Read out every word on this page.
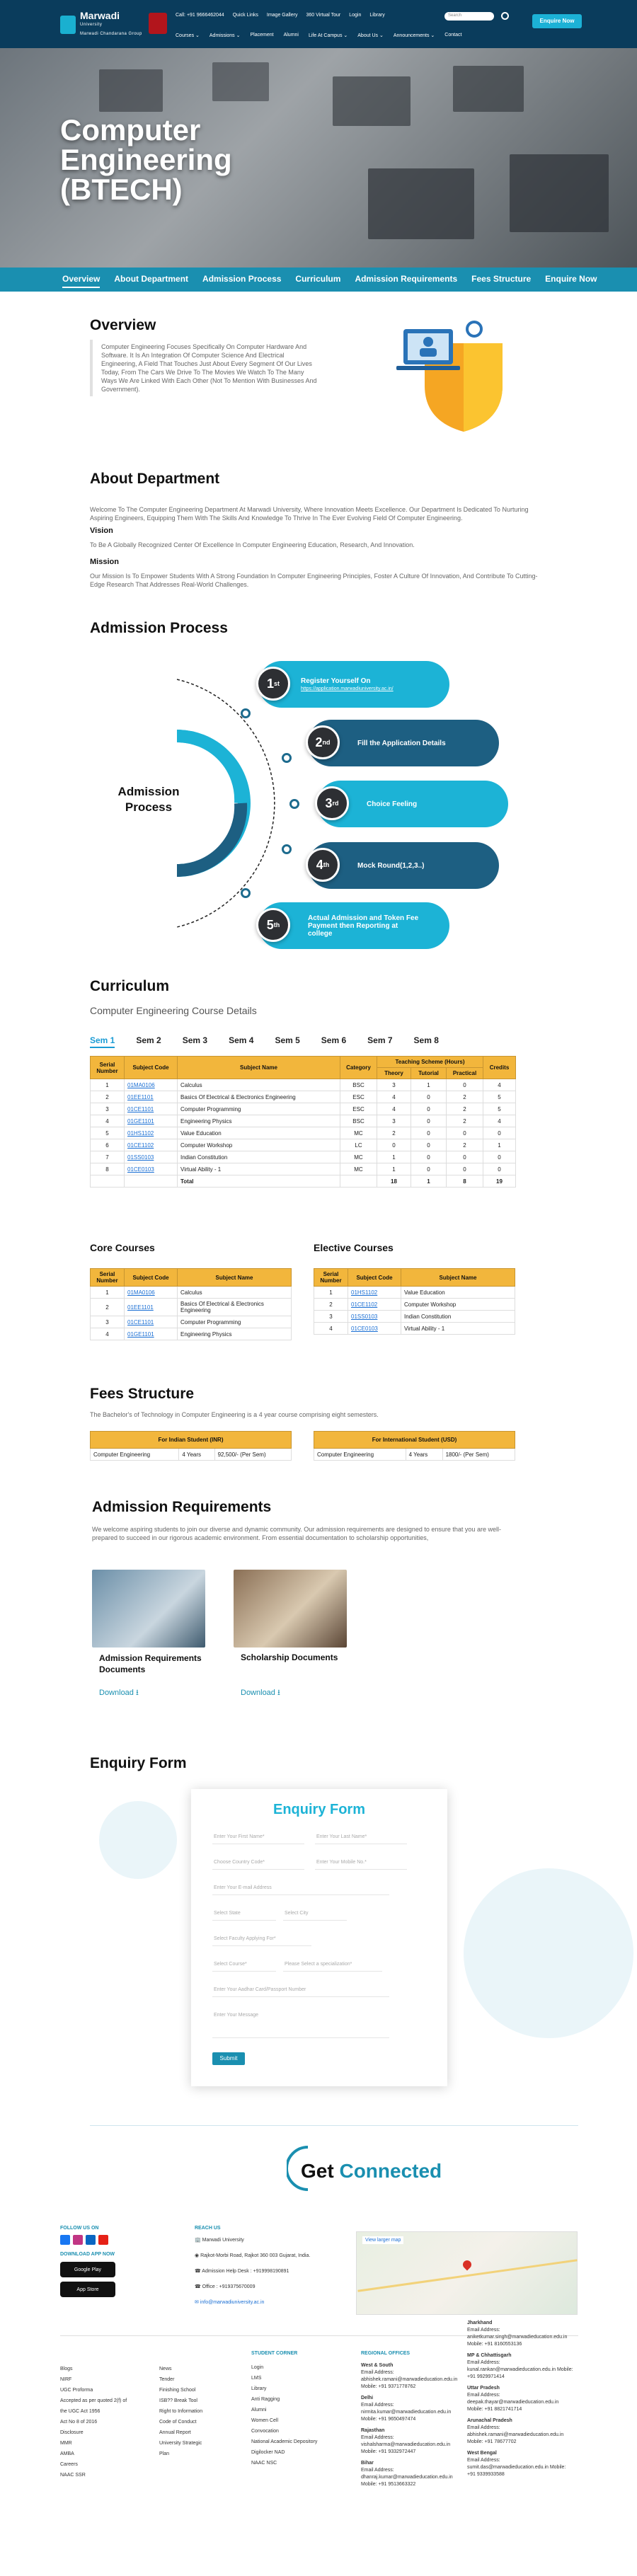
Marwadi
University
Marwadi Chandarana Group
Call: +91 9666462044 Quick Links Image Gallery 360 Virtual Tour Login Library	Search
Courses ⌄ Admissions ⌄ Placement Alumni Life At Campus ⌄ About Us ⌄ Announcements ⌄ Contact
Enquire Now
Computer Engineering (BTECH)
Overview About Department Admission Process Curriculum Admission Requirements Fees Structure Enquire Now
Overview
Computer Engineering Focuses Specifically On Computer Hardware And Software. It Is An Integration Of Computer Science And Electrical Engineering, A Field That Touches Just About Every Segment Of Our Lives Today, From The Cars We Drive To The Movies We Watch To The Many Ways We Are Linked With Each Other (Not To Mention With Businesses And Government).
About Department
Welcome To The Computer Engineering Department At Marwadi University, Where Innovation Meets Excellence. Our Department Is Dedicated To Nurturing Aspiring Engineers, Equipping Them With The Skills And Knowledge To Thrive In The Ever Evolving Field Of Computer Engineering.
Vision
To Be A Globally Recognized Center Of Excellence In Computer Engineering Education, Research, And Innovation.
Mission
Our Mission Is To Empower Students With A Strong Foundation In Computer Engineering Principles, Foster A Culture Of Innovation, And Contribute To Cutting-Edge Research That Addresses Real-World Challenges.
Admission Process
Admission Process
Register Yourself On
https://application.marwadiuniversity.ac.in/
1 st
Fill the Application Details
2 nd
Choice Feeling
3 rd
Mock Round(1,2,3..)
4 th
Actual Admission and Token Fee Payment then Reporting at college
5 th
Curriculum
Computer Engineering Course Details
Sem 1	Sem 2	Sem 3	Sem 4	Sem 5	Sem 6	Sem 7	Sem 8
Serial Number	Subject Code	Subject Name	Category	Teaching Scheme (Hours)			Credits
				Theory	Tutorial	Practical	
1	01MA0106	Calculus	BSC	3	1	0	4
2	01EE1101	Basics Of Electrical & Electronics Engineering	ESC	4	0	2	5
3	01CE1101	Computer Programming	ESC	4	0	2	5
4	01GE1101	Engineering Physics	BSC	3	0	2	4
5	01HS1102	Value Education	MC	2	0	0	0
6	01CE1102	Computer Workshop	LC	0	0	2	1
7	01SS0103	Indian Constitution	MC	1	0	0	0
8	01CE0103	Virtual Ability - 1	MC	1	0	0	0
		Total		18	1	8	19
Core Courses
Serial Number	Subject Code	Subject Name
1	01MA0106	Calculus
2	01EE1101	Basics Of Electrical & Electronics Engineering
3	01CE1101	Computer Programming
4	01GE1101	Engineering Physics
Elective Courses
Serial Number	Subject Code	Subject Name
1	01HS1102	Value Education
2	01CE1102	Computer Workshop
3	01SS0103	Indian Constitution
4	01CE0103	Virtual Ability - 1
Fees Structure
The Bachelor's of Technology in Computer Engineering is a 4 year course comprising eight semesters.
For Indian Student (INR)
Computer Engineering	4 Years	92,500/- (Per Sem)
For International Student (USD)
Computer Engineering	4 Years	1800/- (Per Sem)
Admission Requirements
We welcome aspiring students to join our diverse and dynamic community. Our admission requirements are designed to ensure that you are well-prepared to succeed in our rigorous academic environment. From essential documentation to scholarship opportunities,
Admission Requirements Documents
Download ⭳
Scholarship Documents
Download ⭳
Enquiry Form
Enquiry Form
Enter Your First Name*	Enter Your Last Name*
Choose Country Code*	Enter Your Mobile No.*
Enter Your E-mail Address
Select State	Select City
Select Faculty Applying For*
Select Course*	Please Select a specialization*
Enter Your Aadhar Card/Passport Number
Enter Your Message
Submit
Get Connected
FOLLOW US ON
DOWNLOAD APP NOW
Google Play
App Store
REACH US
🏢 Marwadi University
◉ Rajkot-Morbi Road, Rajkot 360 003 Gujarat, India.
☎ Admission Help Desk : +919998190891
☎ Office : +919375670009
✉ info@marwadiuniversity.ac.in
View larger map
Blogs
NIRF
UGC Proforma
Accepted as per quoted 2(f) of the UGC Act 1956
Act No 8 of 2016
Disclosure
MMR
AMBA
Careers
NAAC SSR
News
Tender
Finishing School
ISB?? Break Tool
Right to Information
Code of Conduct
Annual Report
University Strategic Plan
STUDENT CORNER
Login
LMS
Library
Anti Ragging
Alumni
Women Cell
Convocation
National Academic Depository
Digilocker NAD
NAAC NSC
REGIONAL OFFICES
West & South
Email Address: abhishek.ramani@marwadieducation.edu.in Mobile: +91 9371778762
Delhi
Email Address: nirmita.kumar@marwadieducation.edu.in Mobile: +91 9650497474
Rajasthan
Email Address: vishalsharma@marwadieducation.edu.in Mobile: +91 9332972447
Bihar
Email Address: dhanraj.kumar@marwadieducation.edu.in Mobile: +91 9513663322
Jharkhand
Email Address: aniketkumar.singh@marwadieducation.edu.in Mobile: +91 8160553136
MP & Chhattisgarh
Email Address: kunal.rankan@marwadieducation.edu.in Mobile: +91 9929971414
Uttar Pradesh
Email Address: deepak.thayar@marwadieducation.edu.in Mobile: +91 8821741714
Arunachal Pradesh
Email Address: abhishek.ramani@marwadieducation.edu.in Mobile: +91 78677702
West Bengal
Email Address: sumit.das@marwadieducation.edu.in Mobile: +91 9339933588
